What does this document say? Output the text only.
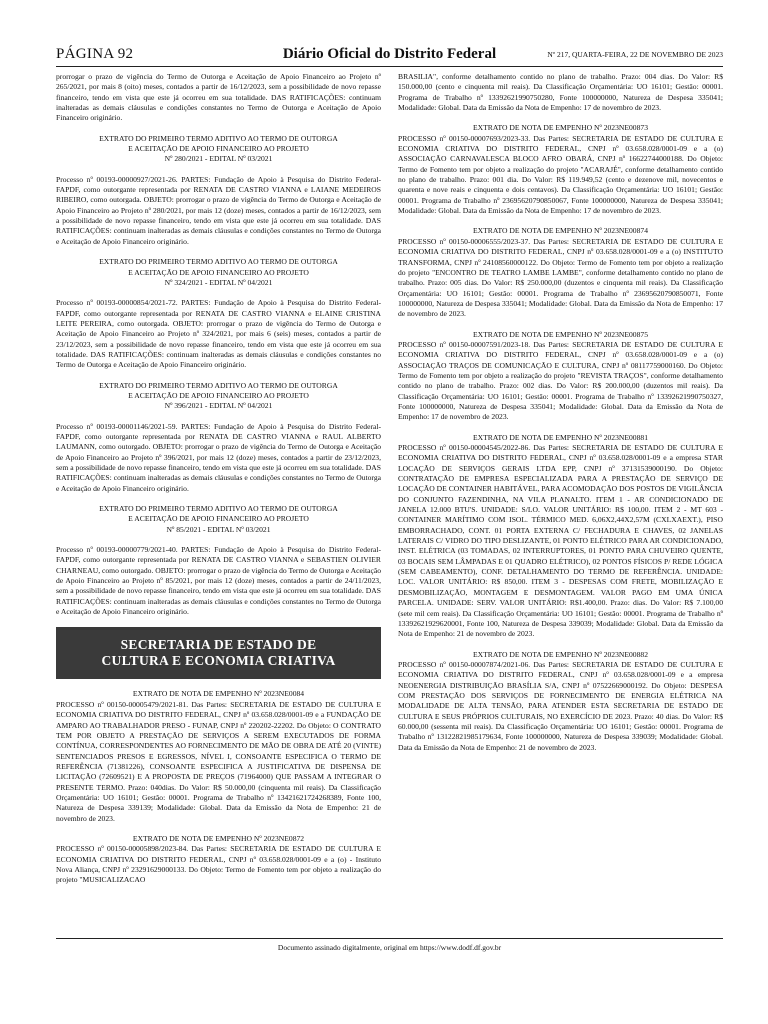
PÁGINA 92	Diário Oficial do Distrito Federal	Nº 217, QUARTA-FEIRA, 22 DE NOVEMBRO DE 2023

prorrogar o prazo de vigência do Termo de Outorga e Aceitação de Apoio Financeiro ao Projeto nº 265/2021, por mais 8 (oito) meses, contados a partir de 16/12/2023, sem a possibilidade de novo repasse financeiro, tendo em vista que este já ocorreu em sua totalidade. DAS RATIFICAÇÕES: continuam inalteradas as demais cláusulas e condições constantes no Termo de Outorga e Aceitação de Apoio Financeiro originário.

EXTRATO DO PRIMEIRO TERMO ADITIVO AO TERMO DE OUTORGA
E ACEITAÇÃO DE APOIO FINANCEIRO AO PROJETO
Nº 280/2021 - EDITAL Nº 03/2021

Processo nº 00193-00000927/2021-26. PARTES: Fundação de Apoio à Pesquisa do Distrito Federal-FAPDF, como outorgante representada por RENATA DE CASTRO VIANNA e LAIANE MEDEIROS RIBEIRO, como outorgada. OBJETO: prorrogar o prazo de vigência do Termo de Outorga e Aceitação de Apoio Financeiro ao Projeto nº 280/2021, por mais 12 (doze) meses, contados a partir de 16/12/2023, sem a possibilidade de novo repasse financeiro, tendo em vista que este já ocorreu em sua totalidade. DAS RATIFICAÇÕES: continuam inalteradas as demais cláusulas e condições constantes no Termo de Outorga e Aceitação de Apoio Financeiro originário.

EXTRATO DO PRIMEIRO TERMO ADITIVO AO TERMO DE OUTORGA
E ACEITAÇÃO DE APOIO FINANCEIRO AO PROJETO
Nº 324/2021 - EDITAL Nº 04/2021

Processo nº 00193-00000854/2021-72. PARTES: Fundação de Apoio à Pesquisa do Distrito Federal-FAPDF, como outorgante representada por RENATA DE CASTRO VIANNA e ELAINE CRISTINA LEITE PEREIRA, como outorgada. OBJETO: prorrogar o prazo de vigência do Termo de Outorga e Aceitação de Apoio Financeiro ao Projeto nº 324/2021, por mais 6 (seis) meses, contados a partir de 23/12/2023, sem a possibilidade de novo repasse financeiro, tendo em vista que este já ocorreu em sua totalidade. DAS RATIFICAÇÕES: continuam inalteradas as demais cláusulas e condições constantes no Termo de Outorga e Aceitação de Apoio Financeiro originário.

EXTRATO DO PRIMEIRO TERMO ADITIVO AO TERMO DE OUTORGA
E ACEITAÇÃO DE APOIO FINANCEIRO AO PROJETO
Nº 396/2021 - EDITAL Nº 04/2021

Processo nº 00193-00001146/2021-59. PARTES: Fundação de Apoio à Pesquisa do Distrito Federal-FAPDF, como outorgante representada por RENATA DE CASTRO VIANNA e RAUL ALBERTO LAUMANN, como outorgado. OBJETO: prorrogar o prazo de vigência do Termo de Outorga e Aceitação de Apoio Financeiro ao Projeto nº 396/2021, por mais 12 (doze) meses, contados a partir de 23/12/2023, sem a possibilidade de novo repasse financeiro, tendo em vista que este já ocorreu em sua totalidade. DAS RATIFICAÇÕES: continuam inalteradas as demais cláusulas e condições constantes no Termo de Outorga e Aceitação de Apoio Financeiro originário.

EXTRATO DO PRIMEIRO TERMO ADITIVO AO TERMO DE OUTORGA
E ACEITAÇÃO DE APOIO FINANCEIRO AO PROJETO
Nº 85/2021 - EDITAL Nº 03/2021

Processo nº 00193-00000779/2021-40. PARTES: Fundação de Apoio à Pesquisa do Distrito Federal-FAPDF, como outorgante representada por RENATA DE CASTRO VIANNA e SEBASTIEN OLIVIER CHARNEAU, como outorgado. OBJETO: prorrogar o prazo de vigência do Termo de Outorga e Aceitação de Apoio Financeiro ao Projeto nº 85/2021, por mais 12 (doze) meses, contados a partir de 24/11/2023, sem a possibilidade de novo repasse financeiro, tendo em vista que este já ocorreu em sua totalidade. DAS RATIFICAÇÕES: continuam inalteradas as demais cláusulas e condições constantes no Termo de Outorga e Aceitação de Apoio Financeiro originário.

SECRETARIA DE ESTADO DE
CULTURA E ECONOMIA CRIATIVA

EXTRATO DE NOTA DE EMPENHO Nº 2023NE0084

PROCESSO nº 00150-00005479/2021-81. Das Partes: SECRETARIA DE ESTADO DE CULTURA E ECONOMIA CRIATIVA DO DISTRITO FEDERAL, CNPJ nº 03.658.028/0001-09 e a FUNDAÇÃO DE AMPARO AO TRABALHADOR PRESO - FUNAP, CNPJ nº 220202-22202. Do Objeto: O CONTRATO TEM POR OBJETO A PRESTAÇÃO DE SERVIÇOS A SEREM EXECUTADOS DE FORMA CONTÍNUA, CORRESPONDENTES AO FORNECIMENTO DE MÃO DE OBRA DE ATÉ 20 (VINTE) SENTENCIADOS PRESOS E EGRESSOS, NÍVEL I, CONSOANTE ESPECIFICA O TERMO DE REFERÊNCIA (71381226), CONSOANTE ESPECIFICA A JUSTIFICATIVA DE DISPENSA DE LICITAÇÃO (72609521) E A PROPOSTA DE PREÇOS (71964000) QUE PASSAM A INTEGRAR O PRESENTE TERMO. Prazo: 040dias. Do Valor: R$ 50.000,00 (cinquenta mil reais). Da Classificação Orçamentária: UO 16101; Gestão: 00001. Programa de Trabalho nº 13421621724268389, Fonte 100, Natureza de Despesa 339139; Modalidade: Global. Data da Emissão da Nota de Empenho: 21 de novembro de 2023.

EXTRATO DE NOTA DE EMPENHO Nº 2023NE0872

PROCESSO nº 00150-00005898/2023-84. Das Partes: SECRETARIA DE ESTADO DE CULTURA E ECONOMIA CRIATIVA DO DISTRITO FEDERAL, CNPJ nº 03.658.028/0001-09 e a (o) - Instituto Nova Aliança, CNPJ nº 23291629000133. Do Objeto: Termo de Fomento tem por objeto a realização do projeto "MUSICALIZACAO

BRASILIA", conforme detalhamento contido no plano de trabalho. Prazo: 004 dias. Do Valor: R$ 150.000,00 (cento e cinquenta mil reais). Da Classificação Orçamentária: UO 16101; Gestão: 00001. Programa de Trabalho nº 13392621990750280, Fonte 100000000, Natureza de Despesa 335041; Modalidade: Global. Data da Emissão da Nota de Empenho: 17 de novembro de 2023.

EXTRATO DE NOTA DE EMPENHO Nº 2023NE00873

PROCESSO nº 00150-00007693/2023-33. Das Partes: SECRETARIA DE ESTADO DE CULTURA E ECONOMIA CRIATIVA DO DISTRITO FEDERAL, CNPJ nº 03.658.028/0001-09 e a (o) ASSOCIAÇÃO CARNAVALESCA BLOCO AFRO OBARÁ, CNPJ nº 16622744000188. Do Objeto: Termo de Fomento tem por objeto a realização do projeto "ACARAJÉ", conforme detalhamento contido no plano de trabalho. Prazo: 001 dia. Do Valor: R$ 119.949,52 (cento e dezenove mil, novecentos e quarenta e nove reais e cinquenta e dois centavos). Da Classificação Orçamentária: UO 16101; Gestão: 00001. Programa de Trabalho nº 23695620790850067, Fonte 100000000, Natureza de Despesa 335041; Modalidade: Global. Data da Emissão da Nota de Empenho: 17 de novembro de 2023.

EXTRATO DE NOTA DE EMPENHO Nº 2023NE00874

PROCESSO nº 00150-00006555/2023-37. Das Partes: SECRETARIA DE ESTADO DE CULTURA E ECONOMIA CRIATIVA DO DISTRITO FEDERAL, CNPJ nº 03.658.028/0001-09 e a (o) INSTITUTO TRANSFORMA, CNPJ nº 24108560000122. Do Objeto: Termo de Fomento tem por objeto a realização do projeto "ENCONTRO DE TEATRO LAMBE LAMBE", conforme detalhamento contido no plano de trabalho. Prazo: 005 dias. Do Valor: R$ 250.000,00 (duzentos e cinquenta mil reais). Da Classificação Orçamentária: UO 16101; Gestão: 00001. Programa de Trabalho nº 23695620790850071, Fonte 100000000, Natureza de Despesa 335041; Modalidade: Global. Data da Emissão da Nota de Empenho: 17 de novembro de 2023.

EXTRATO DE NOTA DE EMPENHO Nº 2023NE00875

PROCESSO nº 00150-00007591/2023-18. Das Partes: SECRETARIA DE ESTADO DE CULTURA E ECONOMIA CRIATIVA DO DISTRITO FEDERAL, CNPJ nº 03.658.028/0001-09 e a (o) ASSOCIAÇÃO TRAÇOS DE COMUNICAÇÃO E CULTURA, CNPJ nº 08117759000160. Do Objeto: Termo de Fomento tem por objeto a realização do projeto "REVISTA TRAÇOS", conforme detalhamento contido no plano de trabalho. Prazo: 002 dias. Do Valor: R$ 200.000,00 (duzentos mil reais). Da Classificação Orçamentária: UO 16101; Gestão: 00001. Programa de Trabalho nº 13392621990750327, Fonte 100000000, Natureza de Despesa 335041; Modalidade: Global. Data da Emissão da Nota de Empenho: 17 de novembro de 2023.

EXTRATO DE NOTA DE EMPENHO Nº 2023NE00881

PROCESSO nº 00150-00004545/2022-86. Das Partes: SECRETARIA DE ESTADO DE CULTURA E ECONOMIA CRIATIVA DO DISTRITO FEDERAL, CNPJ nº 03.658.028/0001-09 e a empresa STAR LOCAÇÃO DE SERVIÇOS GERAIS LTDA EPP, CNPJ nº 37131539000190. Do Objeto: CONTRATAÇÃO DE EMPRESA ESPECIALIZADA PARA A PRESTAÇÃO DE SERVIÇO DE LOCAÇÃO DE CONTAINER HABITÁVEL, PARA ACOMODAÇÃO DOS POSTOS DE VIGILÂNCIA DO CONJUNTO FAZENDINHA, NA VILA PLANALTO. ITEM 1 - AR CONDICIONADO DE JANELA 12.000 BTU'S. UNIDADE: S/LO. VALOR UNITÁRIO: R$ 100,00. ITEM 2 - MT 603 - CONTAINER MARÍTIMO COM ISOL. TÉRMICO MED. 6,06X2,44X2,57M (CXLXAEXT.), PISO EMBORRACHADO, CONT. 01 PORTA EXTERNA C/ FECHADURA E CHAVES, 02 JANELAS LATERAIS C/ VIDRO DO TIPO DESLIZANTE, 01 PONTO ELÉTRICO PARA AR CONDICIONADO, INST. ELÉTRICA (03 TOMADAS, 02 INTERRUPTORES, 01 PONTO PARA CHUVEIRO QUENTE, 03 BOCAIS SEM LÂMPADAS E 01 QUADRO ELÉTRICO), 02 PONTOS FÍSICOS P/ REDE LÓGICA (SEM CABEAMENTO), CONF. DETALHAMENTO DO TERMO DE REFERÊNCIA. UNIDADE: LOC. VALOR UNITÁRIO: R$ 850,00. ITEM 3 - DESPESAS COM FRETE, MOBILIZAÇÃO E DESMOBILIZAÇÃO, MONTAGEM E DESMONTAGEM. VALOR PAGO EM UMA ÚNICA PARCELA. UNIDADE: SERV. VALOR UNITÁRIO: R$1.400,00. Prazo: dias. Do Valor: R$ 7.100,00 (sete mil cem reais). Da Classificação Orçamentária: UO 16101; Gestão: 00001. Programa de Trabalho nº 13392621929620001, Fonte 100, Natureza de Despesa 339039; Modalidade: Global. Data da Emissão da Nota de Empenho: 21 de novembro de 2023.

EXTRATO DE NOTA DE EMPENHO Nº 2023NE00882

PROCESSO nº 00150-00007874/2021-06. Das Partes: SECRETARIA DE ESTADO DE CULTURA E ECONOMIA CRIATIVA DO DISTRITO FEDERAL, CNPJ nº 03.658.028/0001-09 e a empresa NEOENERGIA DISTRIBUIÇÃO BRASÍLIA S/A, CNPJ nº 07522669000192. Do Objeto: DESPESA COM PRESTAÇÃO DOS SERVIÇOS DE FORNECIMENTO DE ENERGIA ELÉTRICA NA MODALIDADE DE ALTA TENSÃO, PARA ATENDER ESTA SECRETARIA DE ESTADO DE CULTURA E SEUS PRÓPRIOS CULTURAIS, NO EXERCÍCIO DE 2023. Prazo: 40 dias. Do Valor: R$ 60.000,00 (sessenta mil reais). Da Classificação Orçamentária: UO 16101; Gestão: 00001. Programa de Trabalho nº 13122821985179634, Fonte 100000000, Natureza de Despesa 339039; Modalidade: Global. Data da Emissão da Nota de Empenho: 21 de novembro de 2023.

Documento assinado digitalmente, original em https://www.dodf.df.gov.br
